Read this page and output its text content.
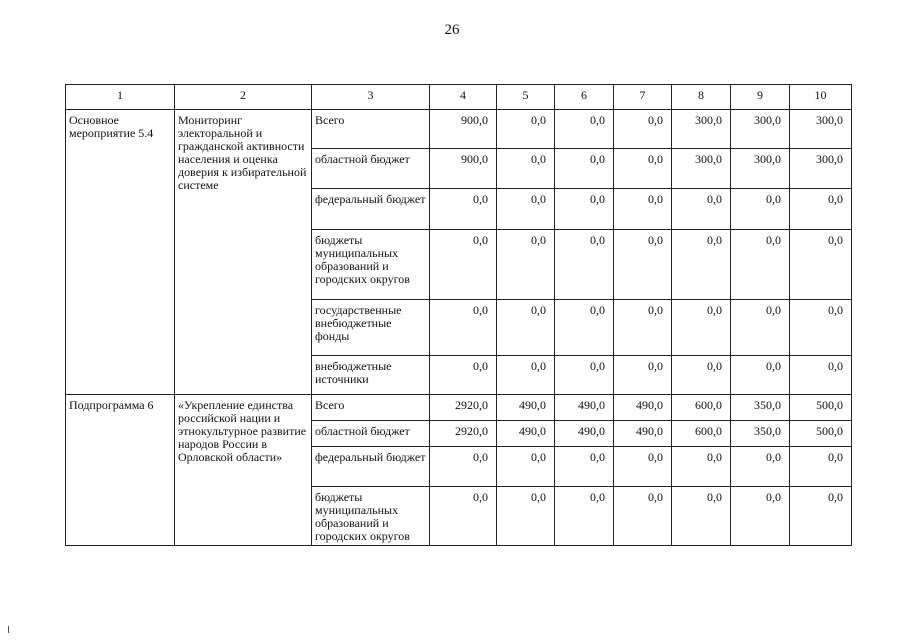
26
1	2	3	4	5	6	7	8	9	10
Основное мероприятие 5.4	Мониторинг электоральной и гражданской активности населения и оценка доверия к избирательной системе	Всего	900,0	0,0	0,0	0,0	300,0	300,0	300,0
		областной бюджет	900,0	0,0	0,0	0,0	300,0	300,0	300,0
		федеральный бюджет	0,0	0,0	0,0	0,0	0,0	0,0	0,0
		бюджеты муниципальных образований и городских округов	0,0	0,0	0,0	0,0	0,0	0,0	0,0
		государственные внебюджетные фонды	0,0	0,0	0,0	0,0	0,0	0,0	0,0
		внебюджетные источники	0,0	0,0	0,0	0,0	0,0	0,0	0,0
Подпрограмма 6	«Укрепление единства российской нации и этнокультурное развитие народов России в Орловской области»	Всего	2920,0	490,0	490,0	490,0	600,0	350,0	500,0
		областной бюджет	2920,0	490,0	490,0	490,0	600,0	350,0	500,0
		федеральный бюджет	0,0	0,0	0,0	0,0	0,0	0,0	0,0
		бюджеты муниципальных образований и городских округов	0,0	0,0	0,0	0,0	0,0	0,0	0,0
